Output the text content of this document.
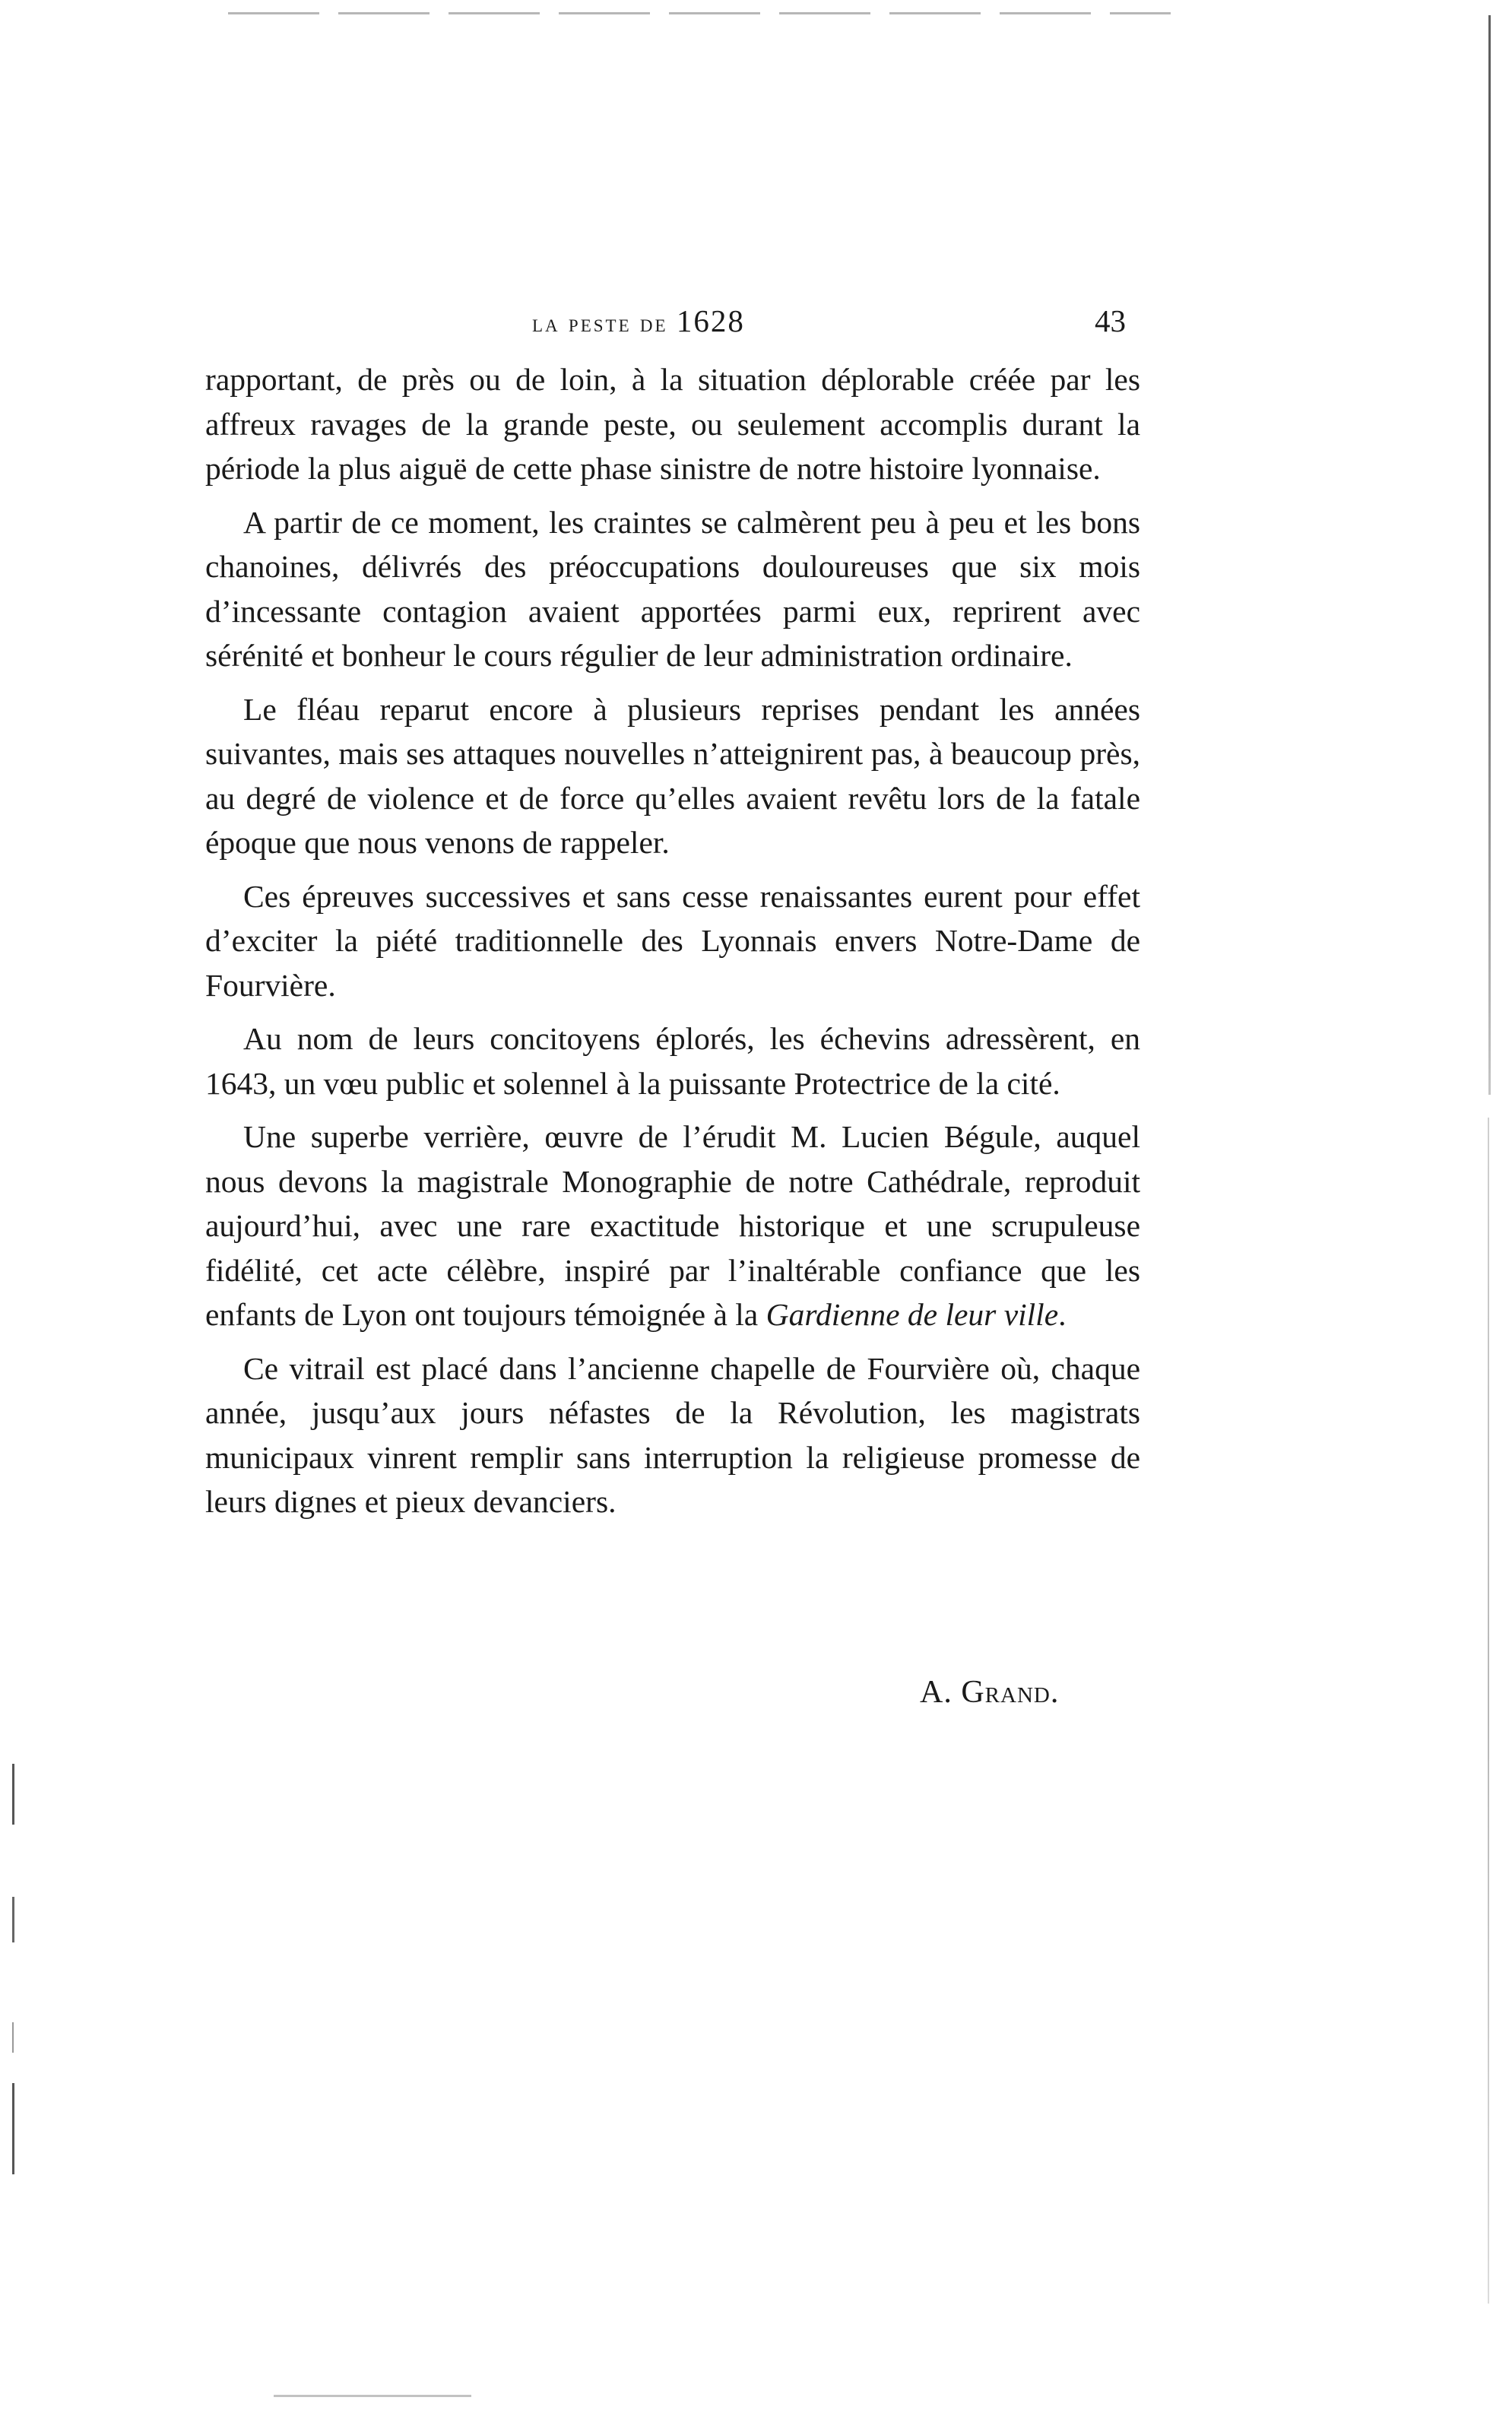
la peste de 1628	43

rapportant, de près ou de loin, à la situation déplorable créée par les affreux ravages de la grande peste, ou seulement accomplis durant la période la plus aiguë de cette phase sinistre de notre histoire lyonnaise.

A partir de ce moment, les craintes se calmèrent peu à peu et les bons chanoines, délivrés des préoccupations douloureuses que six mois d’incessante contagion avaient apportées parmi eux, reprirent avec sérénité et bonheur le cours régulier de leur administration ordinaire.

Le fléau reparut encore à plusieurs reprises pendant les années suivantes, mais ses attaques nouvelles n’atteignirent pas, à beaucoup près, au degré de violence et de force qu’elles avaient revêtu lors de la fatale époque que nous venons de rappeler.

Ces épreuves successives et sans cesse renaissantes eurent pour effet d’exciter la piété traditionnelle des Lyonnais envers Notre-Dame de Fourvière.

Au nom de leurs concitoyens éplorés, les échevins adressèrent, en 1643, un vœu public et solennel à la puissante Protectrice de la cité.

Une superbe verrière, œuvre de l’érudit M. Lucien Bégule, auquel nous devons la magistrale Monographie de notre Cathédrale, reproduit aujourd’hui, avec une rare exactitude historique et une scrupuleuse fidélité, cet acte célèbre, inspiré par l’inaltérable confiance que les enfants de Lyon ont toujours témoignée à la Gardienne de leur ville.

Ce vitrail est placé dans l’ancienne chapelle de Fourvière où, chaque année, jusqu’aux jours néfastes de la Révolution, les magistrats municipaux vinrent remplir sans interruption la religieuse promesse de leurs dignes et pieux devanciers.

A. Grand.
